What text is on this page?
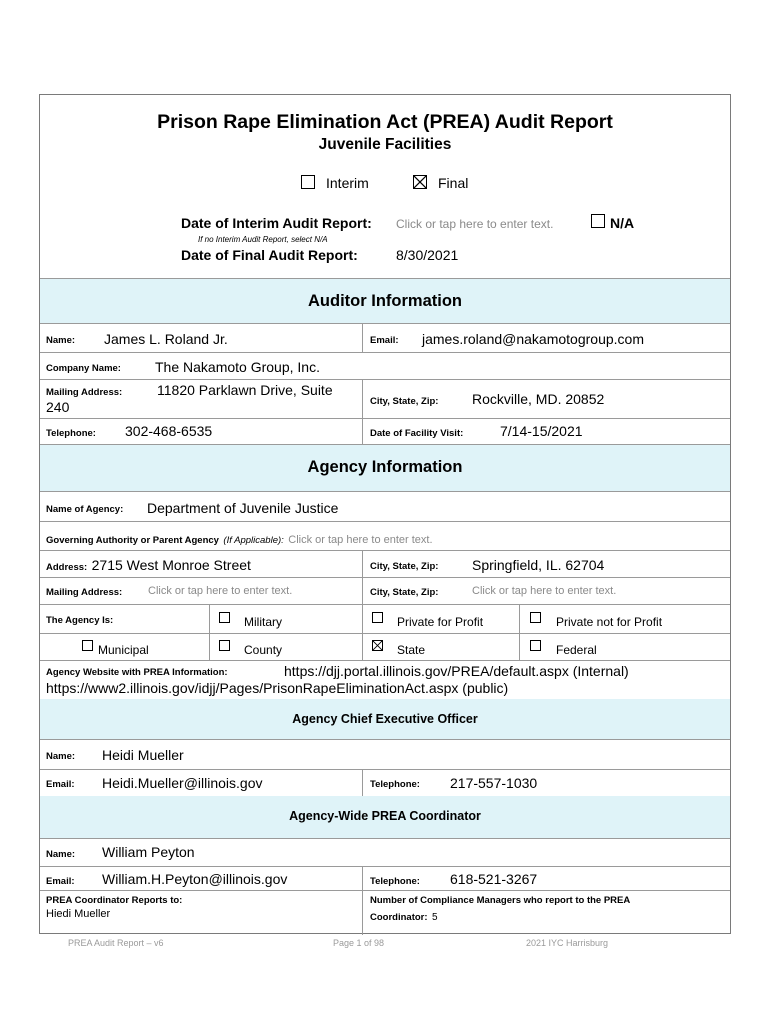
Prison Rape Elimination Act (PREA) Audit Report
Juvenile Facilities
Interim	Final
Date of Interim Audit Report: Click or tap here to enter text.	N/A
If no Interim Audit Report, select N/A
Date of Final Audit Report:	8/30/2021
Auditor Information
Name: James L. Roland Jr.	Email: james.roland@nakamotogroup.com
Company Name: The Nakamoto Group, Inc.
Mailing Address: 11820 Parklawn Drive, Suite
240	City, State, Zip: Rockville, MD. 20852
Telephone: 302-468-6535	Date of Facility Visit:	7/14-15/2021
Agency Information
Name of Agency: Department of Juvenile Justice
Governing Authority or Parent Agency (If Applicable): Click or tap here to enter text.
Address: 2715 West Monroe Street	City, State, Zip: Springfield, IL. 62704
Mailing Address: Click or tap here to enter text.	City, State, Zip:	Click or tap here to enter text.
The Agency Is:	Military	Private for Profit	Private not for Profit
Municipal	County	State	Federal
Agency Website with PREA Information:	https://djj.portal.illinois.gov/PREA/default.aspx (Internal)
https://www2.illinois.gov/idjj/Pages/PrisonRapeEliminationAct.aspx (public)
Agency Chief Executive Officer
Name: Heidi Mueller
Email: Heidi.Mueller@illinois.gov	Telephone: 217-557-1030
Agency-Wide PREA Coordinator
Name: William Peyton
Email: William.H.Peyton@illinois.gov	Telephone: 618-521-3267
PREA Coordinator Reports to:
Hiedi Mueller
Number of Compliance Managers who report to the PREA
Coordinator: 5
PREA Audit Report – v6	Page 1 of 98	2021 IYC Harrisburg
